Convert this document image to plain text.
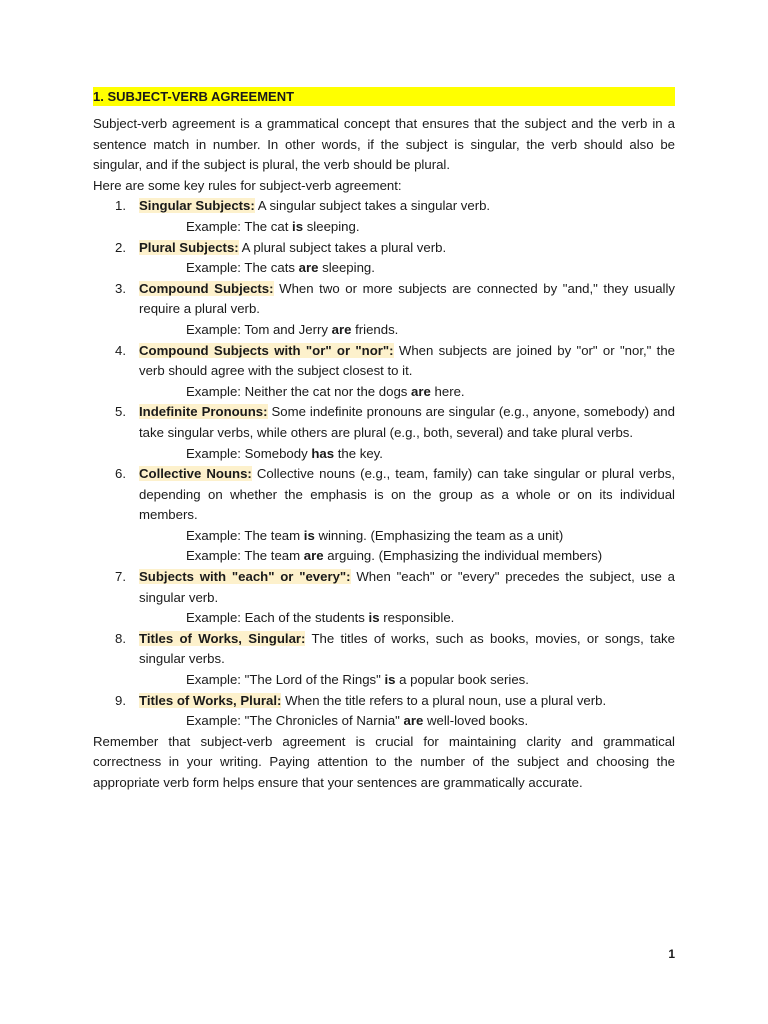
1. SUBJECT-VERB AGREEMENT

Subject-verb agreement is a grammatical concept that ensures that the subject and the verb in a sentence match in number. In other words, if the subject is singular, the verb should also be singular, and if the subject is plural, the verb should be plural.

Here are some key rules for subject-verb agreement:

1. Singular Subjects: A singular subject takes a singular verb.
Example: The cat is sleeping.
2. Plural Subjects: A plural subject takes a plural verb.
Example: The cats are sleeping.
3. Compound Subjects: When two or more subjects are connected by "and," they usually require a plural verb.
Example: Tom and Jerry are friends.
4. Compound Subjects with "or" or "nor": When subjects are joined by "or" or "nor," the verb should agree with the subject closest to it.
Example: Neither the cat nor the dogs are here.
5. Indefinite Pronouns: Some indefinite pronouns are singular (e.g., anyone, somebody) and take singular verbs, while others are plural (e.g., both, several) and take plural verbs.
Example: Somebody has the key.
6. Collective Nouns: Collective nouns (e.g., team, family) can take singular or plural verbs, depending on whether the emphasis is on the group as a whole or on its individual members.
Example: The team is winning. (Emphasizing the team as a unit)
Example: The team are arguing. (Emphasizing the individual members)
7. Subjects with "each" or "every": When "each" or "every" precedes the subject, use a singular verb.
Example: Each of the students is responsible.
8. Titles of Works, Singular: The titles of works, such as books, movies, or songs, take singular verbs.
Example: "The Lord of the Rings" is a popular book series.
9. Titles of Works, Plural: When the title refers to a plural noun, use a plural verb.
Example: "The Chronicles of Narnia" are well-loved books.

Remember that subject-verb agreement is crucial for maintaining clarity and grammatical correctness in your writing. Paying attention to the number of the subject and choosing the appropriate verb form helps ensure that your sentences are grammatically accurate.

1
